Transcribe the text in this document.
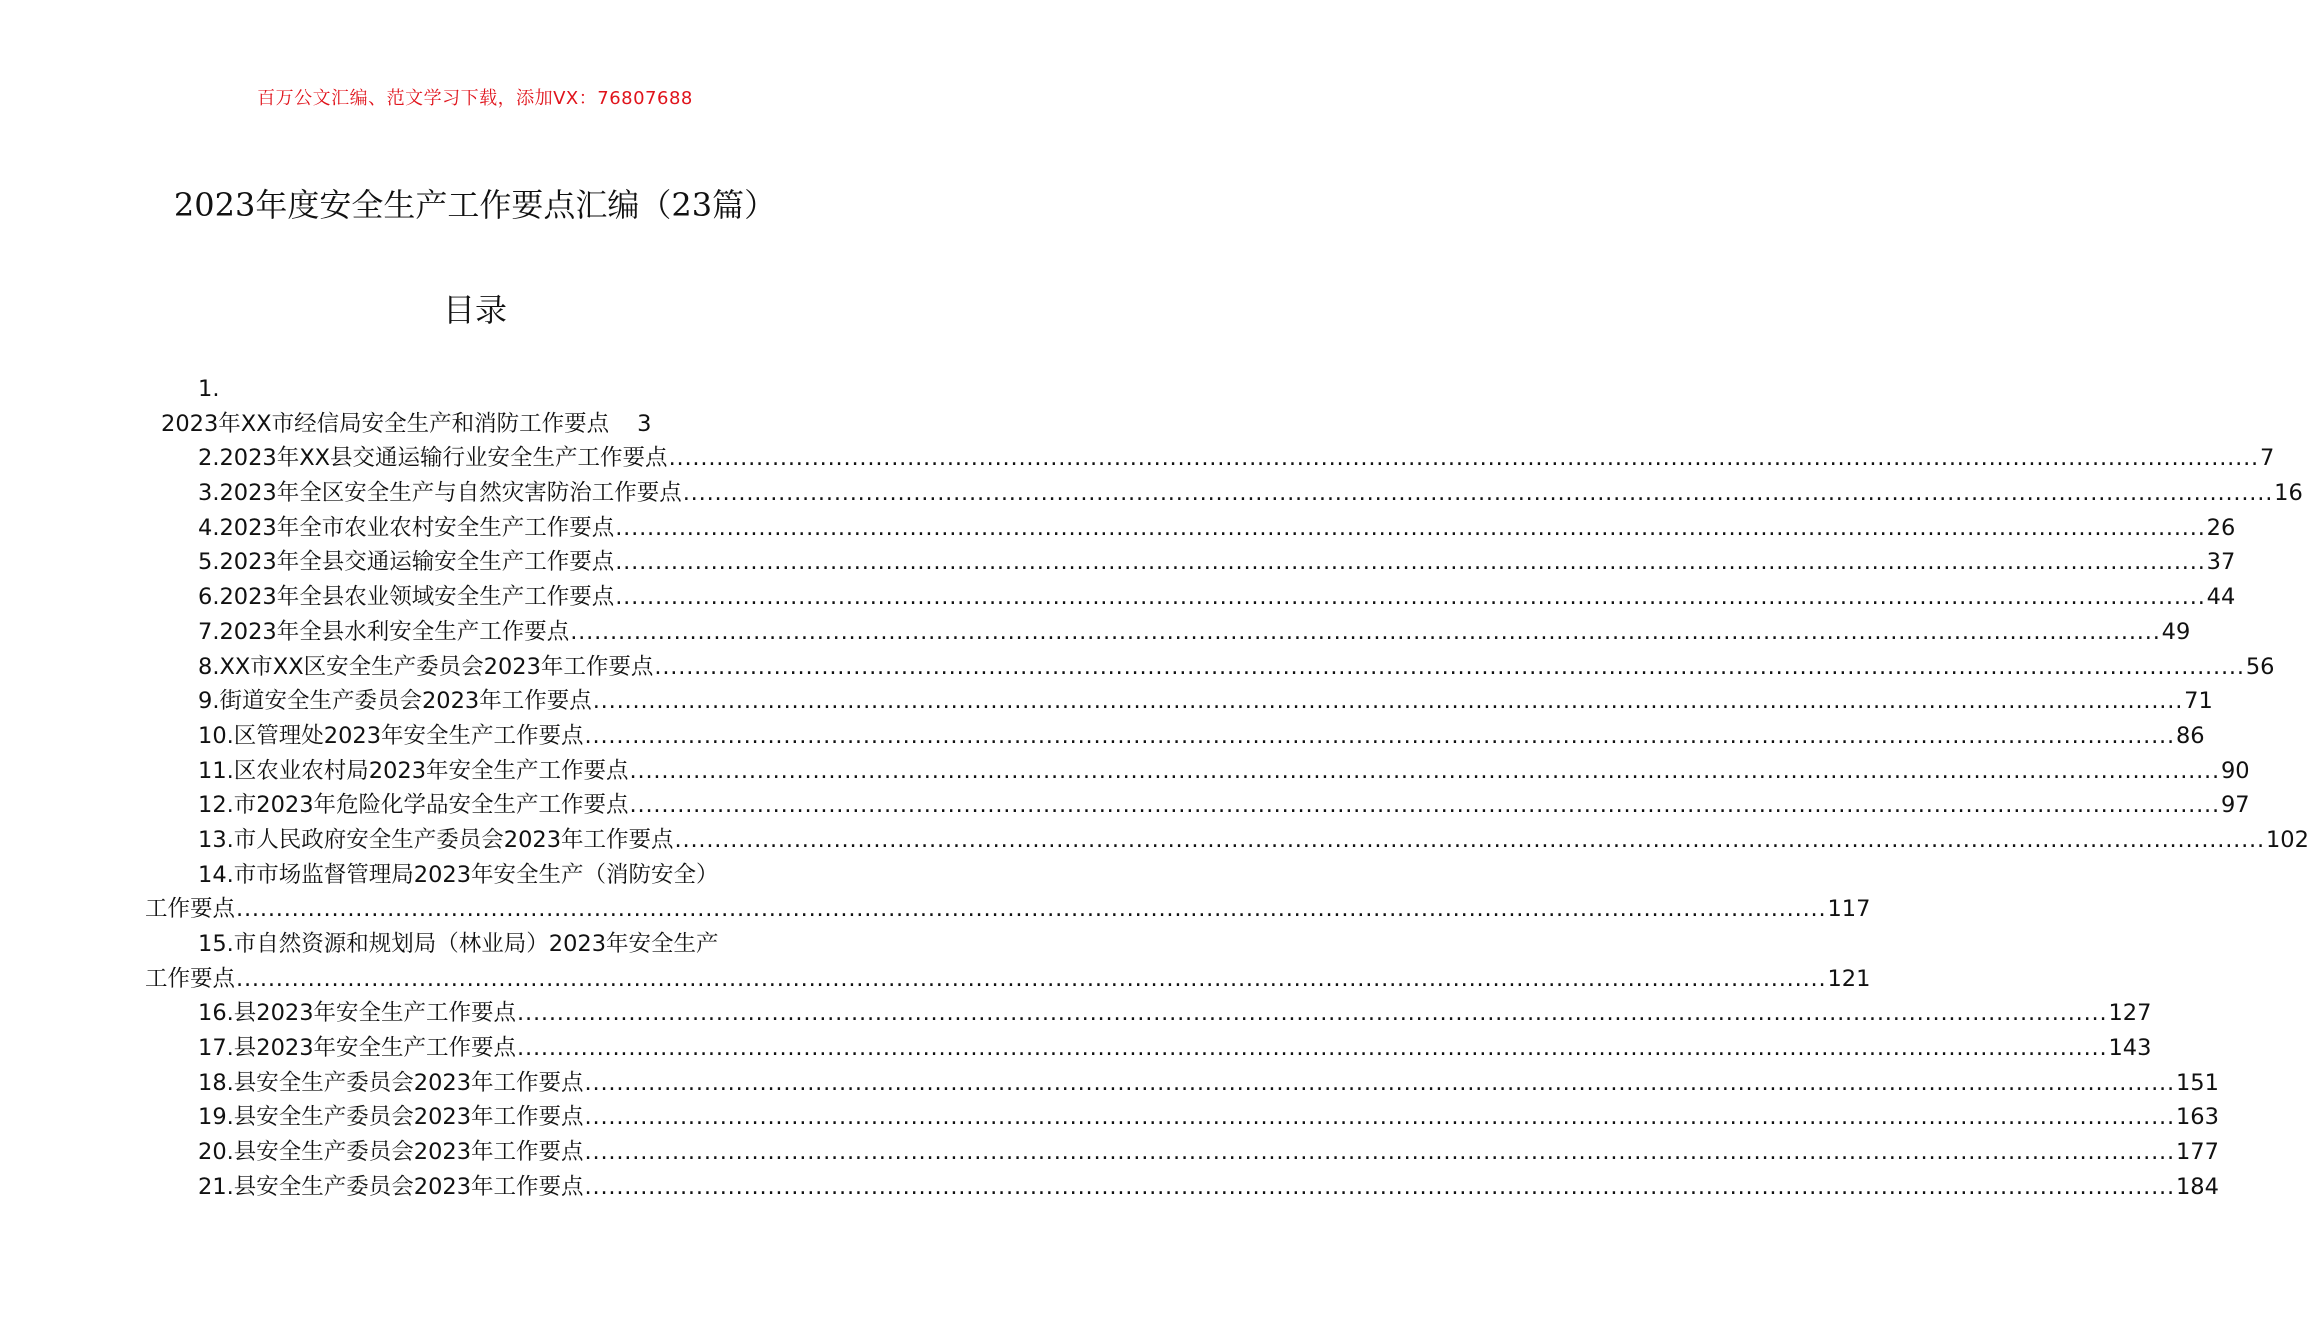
百万公文汇编、范文学习下载，添加VX：76807688
2023年度安全生产工作要点汇编（23篇）
目录
1.
2023年XX市经信局安全生产和消防工作要点 3
2.2023年XX县交通运输行业安全生产工作要点 ........................................................................................................................................................................................................ 7
3.2023年全区安全生产与自然灾害防治工作要点 ........................................................................................................................................................................................................ 16
4.2023年全市农业农村安全生产工作要点 ........................................................................................................................................................................................................ 26
5.2023年全县交通运输安全生产工作要点 ........................................................................................................................................................................................................ 37
6.2023年全县农业领域安全生产工作要点 ........................................................................................................................................................................................................ 44
7.2023年全县水利安全生产工作要点 ........................................................................................................................................................................................................ 49
8.XX市XX区安全生产委员会2023年工作要点 ........................................................................................................................................................................................................ 56
9.街道安全生产委员会2023年工作要点 ........................................................................................................................................................................................................ 71
10.区管理处2023年安全生产工作要点 ........................................................................................................................................................................................................ 86
11.区农业农村局2023年安全生产工作要点 ........................................................................................................................................................................................................ 90
12.市2023年危险化学品安全生产工作要点 ........................................................................................................................................................................................................ 97
13.市人民政府安全生产委员会2023年工作要点 ........................................................................................................................................................................................................ 102
14.市市场监督管理局2023年安全生产（消防安全）
工作要点 ........................................................................................................................................................................................................ 117
15.市自然资源和规划局（林业局）2023年安全生产
工作要点 ........................................................................................................................................................................................................ 121
16.县2023年安全生产工作要点 ........................................................................................................................................................................................................ 127
17.县2023年安全生产工作要点 ........................................................................................................................................................................................................ 143
18.县安全生产委员会2023年工作要点 ........................................................................................................................................................................................................ 151
19.县安全生产委员会2023年工作要点 ........................................................................................................................................................................................................ 163
20.县安全生产委员会2023年工作要点 ........................................................................................................................................................................................................ 177
21.县安全生产委员会2023年工作要点 ........................................................................................................................................................................................................ 184
